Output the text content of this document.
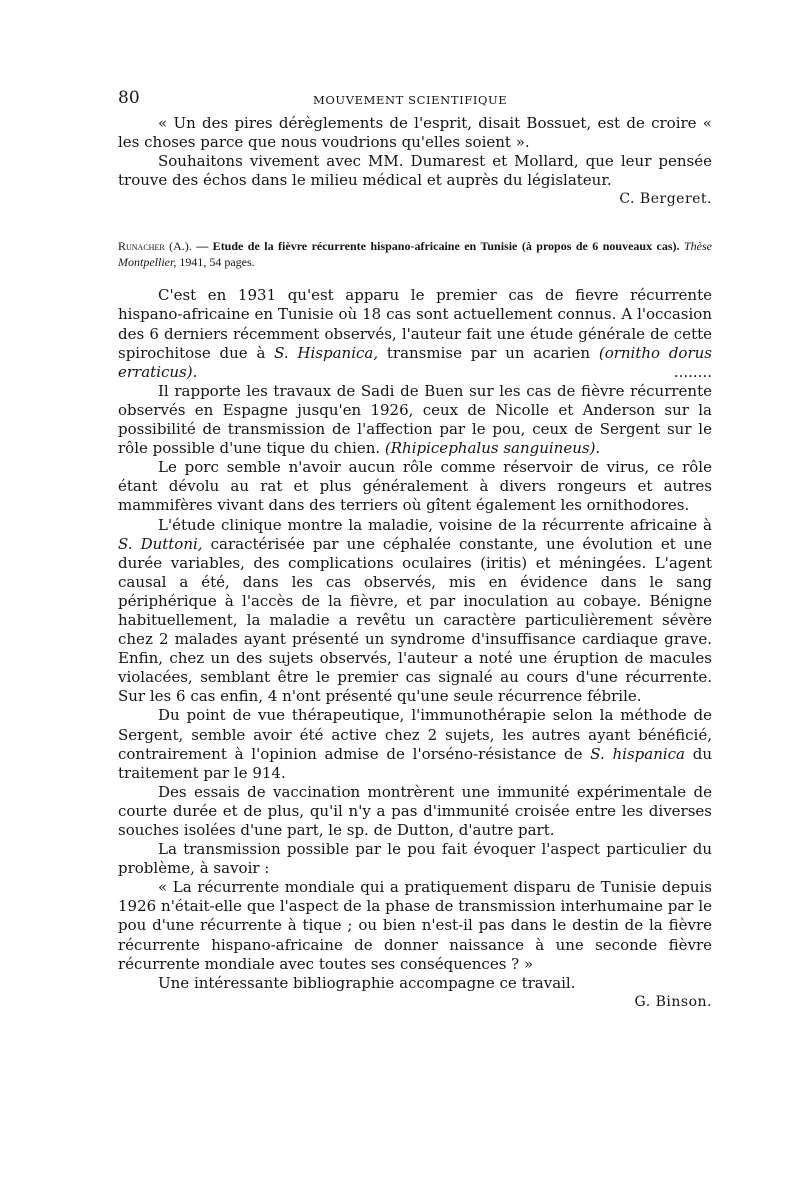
80	MOUVEMENT SCIENTIFIQUE

« Un des pires dérèglements de l'esprit, disait Bossuet, est de croire « les choses parce que nous voudrions qu'elles soient ».

Souhaitons vivement avec MM. Dumarest et Mollard, que leur pensée trouve des échos dans le milieu médical et auprès du législateur.

C. Bergeret.

Runacher (A.). — Etude de la fièvre récurrente hispano-africaine en Tunisie (à propos de 6 nouveaux cas). Thèse Montpellier, 1941, 54 pages.

C'est en 1931 qu'est apparu le premier cas de fievre récurrente hispano-africaine en Tunisie où 18 cas sont actuellement connus. A l'occasion des 6 derniers récemment observés, l'auteur fait une étude générale de cette spirochitose due à S. Hispanica, transmise par un acarien (ornitho dorus erraticus).	........

Il rapporte les travaux de Sadi de Buen sur les cas de fièvre récurrente observés en Espagne jusqu'en 1926, ceux de Nicolle et Anderson sur la possibilité de transmission de l'affection par le pou, ceux de Sergent sur le rôle possible d'une tique du chien. (Rhipicephalus sanguineus).

Le porc semble n'avoir aucun rôle comme réservoir de virus, ce rôle étant dévolu au rat et plus généralement à divers rongeurs et autres mammifères vivant dans des terriers où gîtent également les ornithodores.

L'étude clinique montre la maladie, voisine de la récurrente africaine à S. Duttoni, caractérisée par une céphalée constante, une évolution et une durée variables, des complications oculaires (iritis) et méningées. L'agent causal a été, dans les cas observés, mis en évidence dans le sang périphérique à l'accès de la fièvre, et par inoculation au cobaye. Bénigne habituellement, la maladie a revêtu un caractère particulièrement sévère chez 2 malades ayant présenté un syndrome d'insuffisance cardiaque grave. Enfin, chez un des sujets observés, l'auteur a noté une éruption de macules violacées, semblant être le premier cas signalé au cours d'une récurrente. Sur les 6 cas enfin, 4 n'ont présenté qu'une seule récurrence fébrile.

Du point de vue thérapeutique, l'immunothérapie selon la méthode de Sergent, semble avoir été active chez 2 sujets, les autres ayant bénéficié, contrairement à l'opinion admise de l'orséno-résistance de S. hispanica du traitement par le 914.

Des essais de vaccination montrèrent une immunité expérimentale de courte durée et de plus, qu'il n'y a pas d'immunité croisée entre les diverses souches isolées d'une part, le sp. de Dutton, d'autre part.

La transmission possible par le pou fait évoquer l'aspect particulier du problème, à savoir :

« La récurrente mondiale qui a pratiquement disparu de Tunisie depuis 1926 n'était-elle que l'aspect de la phase de transmission interhumaine par le pou d'une récurrente à tique ; ou bien n'est-il pas dans le destin de la fièvre récurrente hispano-africaine de donner naissance à une seconde fièvre récurrente mondiale avec toutes ses conséquences ? »

Une intéressante bibliographie accompagne ce travail.

G. Binson.
